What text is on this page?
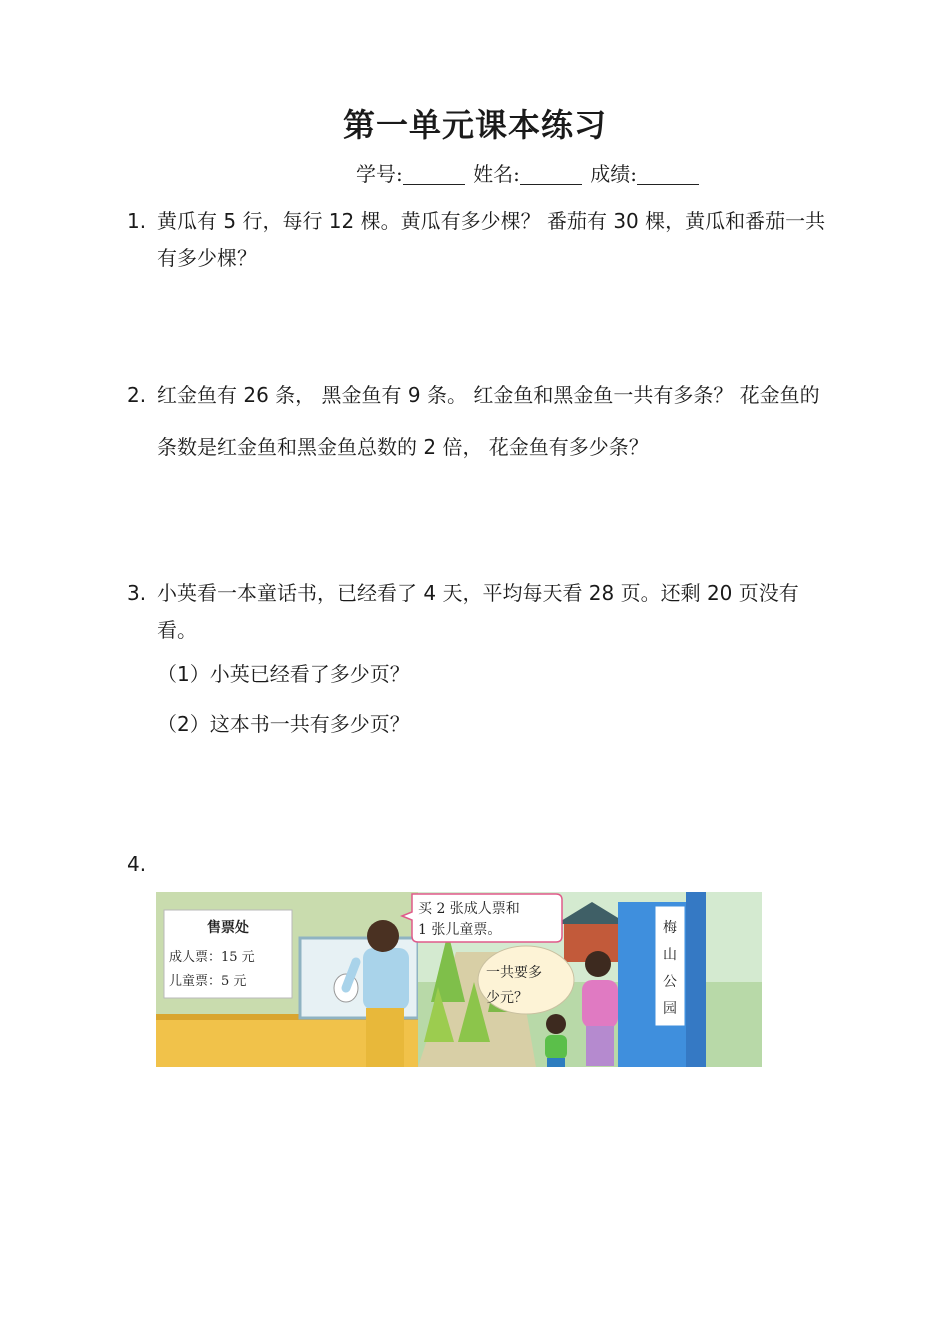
第一单元课本练习
学号:	姓名:	成绩:
1. 黄瓜有 5 行，每行 12 棵。黄瓜有多少棵？ 番茄有 30 棵，黄瓜和番茄一共有多少棵？
2. 红金鱼有 26 条， 黑金鱼有 9 条。 红金鱼和黑金鱼一共有多条？ 花金鱼的条数是红金鱼和黑金鱼总数的 2 倍， 花金鱼有多少条？
3. 小英看一本童话书，已经看了 4 天，平均每天看 28 页。还剩 20 页没有看。
（1）小英已经看了多少页？
（2）这本书一共有多少页？
4.
售票处
成人票：15 元
儿童票：5 元
买 2 张成人票和
1 张儿童票。
一共要多
少元？
梅
山
公
园
